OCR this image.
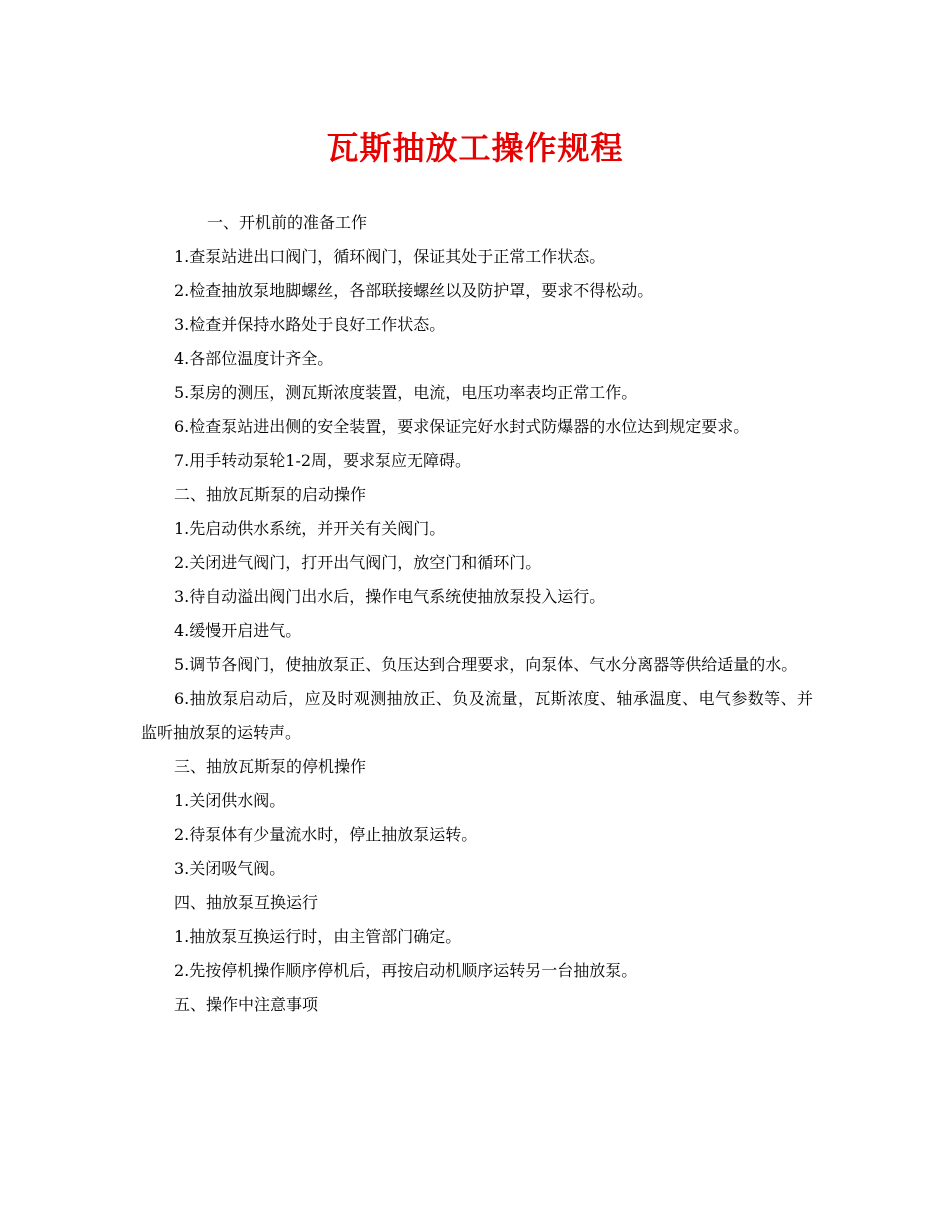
瓦斯抽放工操作规程

一、开机前的准备工作

1.查泵站进出口阀门，循环阀门，保证其处于正常工作状态。

2.检查抽放泵地脚螺丝，各部联接螺丝以及防护罩，要求不得松动。

3.检查并保持水路处于良好工作状态。

4.各部位温度计齐全。

5.泵房的测压，测瓦斯浓度装置，电流，电压功率表均正常工作。

6.检查泵站进出侧的安全装置，要求保证完好水封式防爆器的水位达到规定要求。

7.用手转动泵轮1-2周，要求泵应无障碍。

二、抽放瓦斯泵的启动操作

1.先启动供水系统，并开关有关阀门。

2.关闭进气阀门，打开出气阀门，放空门和循环门。

3.待自动溢出阀门出水后，操作电气系统使抽放泵投入运行。

4.缓慢开启进气。

5.调节各阀门，使抽放泵正、负压达到合理要求，向泵体、气水分离器等供给适量的水。

6.抽放泵启动后，应及时观测抽放正、负及流量，瓦斯浓度、轴承温度、电气参数等、并监听抽放泵的运转声。

三、抽放瓦斯泵的停机操作

1.关闭供水阀。

2.待泵体有少量流水时，停止抽放泵运转。

3.关闭吸气阀。

四、抽放泵互换运行

1.抽放泵互换运行时，由主管部门确定。

2.先按停机操作顺序停机后，再按启动机顺序运转另一台抽放泵。

五、操作中注意事项
